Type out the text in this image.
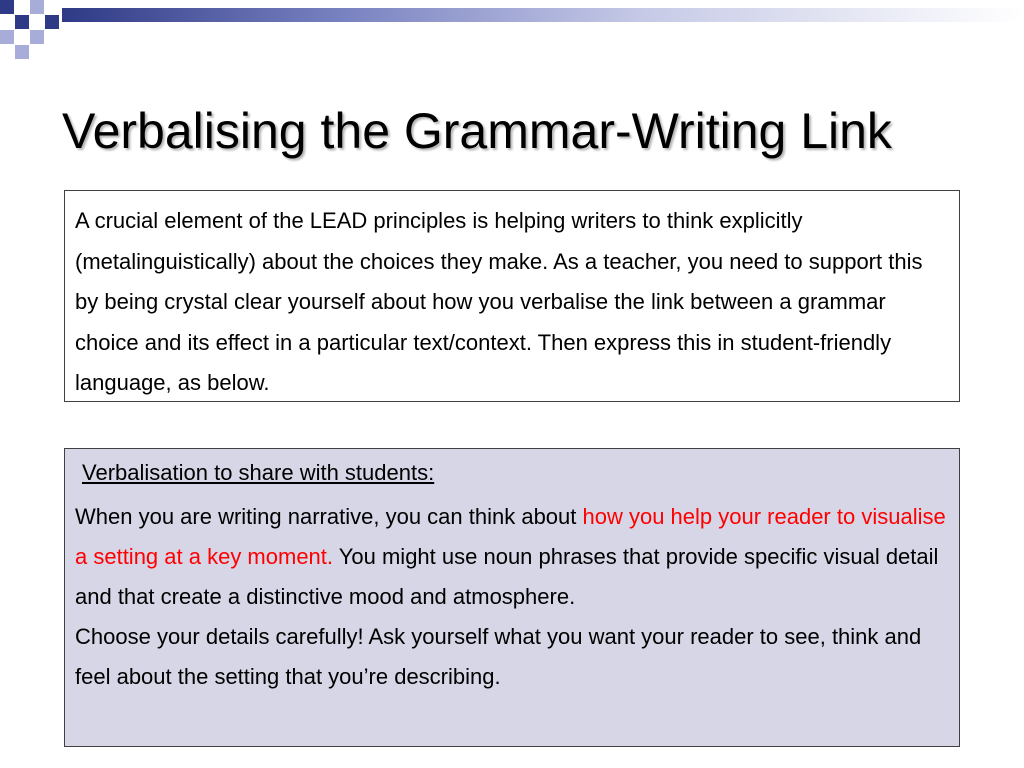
Verbalising the Grammar-Writing Link

A crucial element of the LEAD principles is helping writers to think explicitly (metalinguistically) about the choices they make. As a teacher, you need to support this by being crystal clear yourself about how you verbalise the link between a grammar choice and its effect in a particular text/context. Then express this in student-friendly language, as below.

Verbalisation to share with students:

When you are writing narrative, you can think about how you help your reader to visualise a setting at a key moment. You might use noun phrases that provide specific visual detail and that create a distinctive mood and atmosphere.

Choose your details carefully! Ask yourself what you want your reader to see, think and feel about the setting that you’re describing.
